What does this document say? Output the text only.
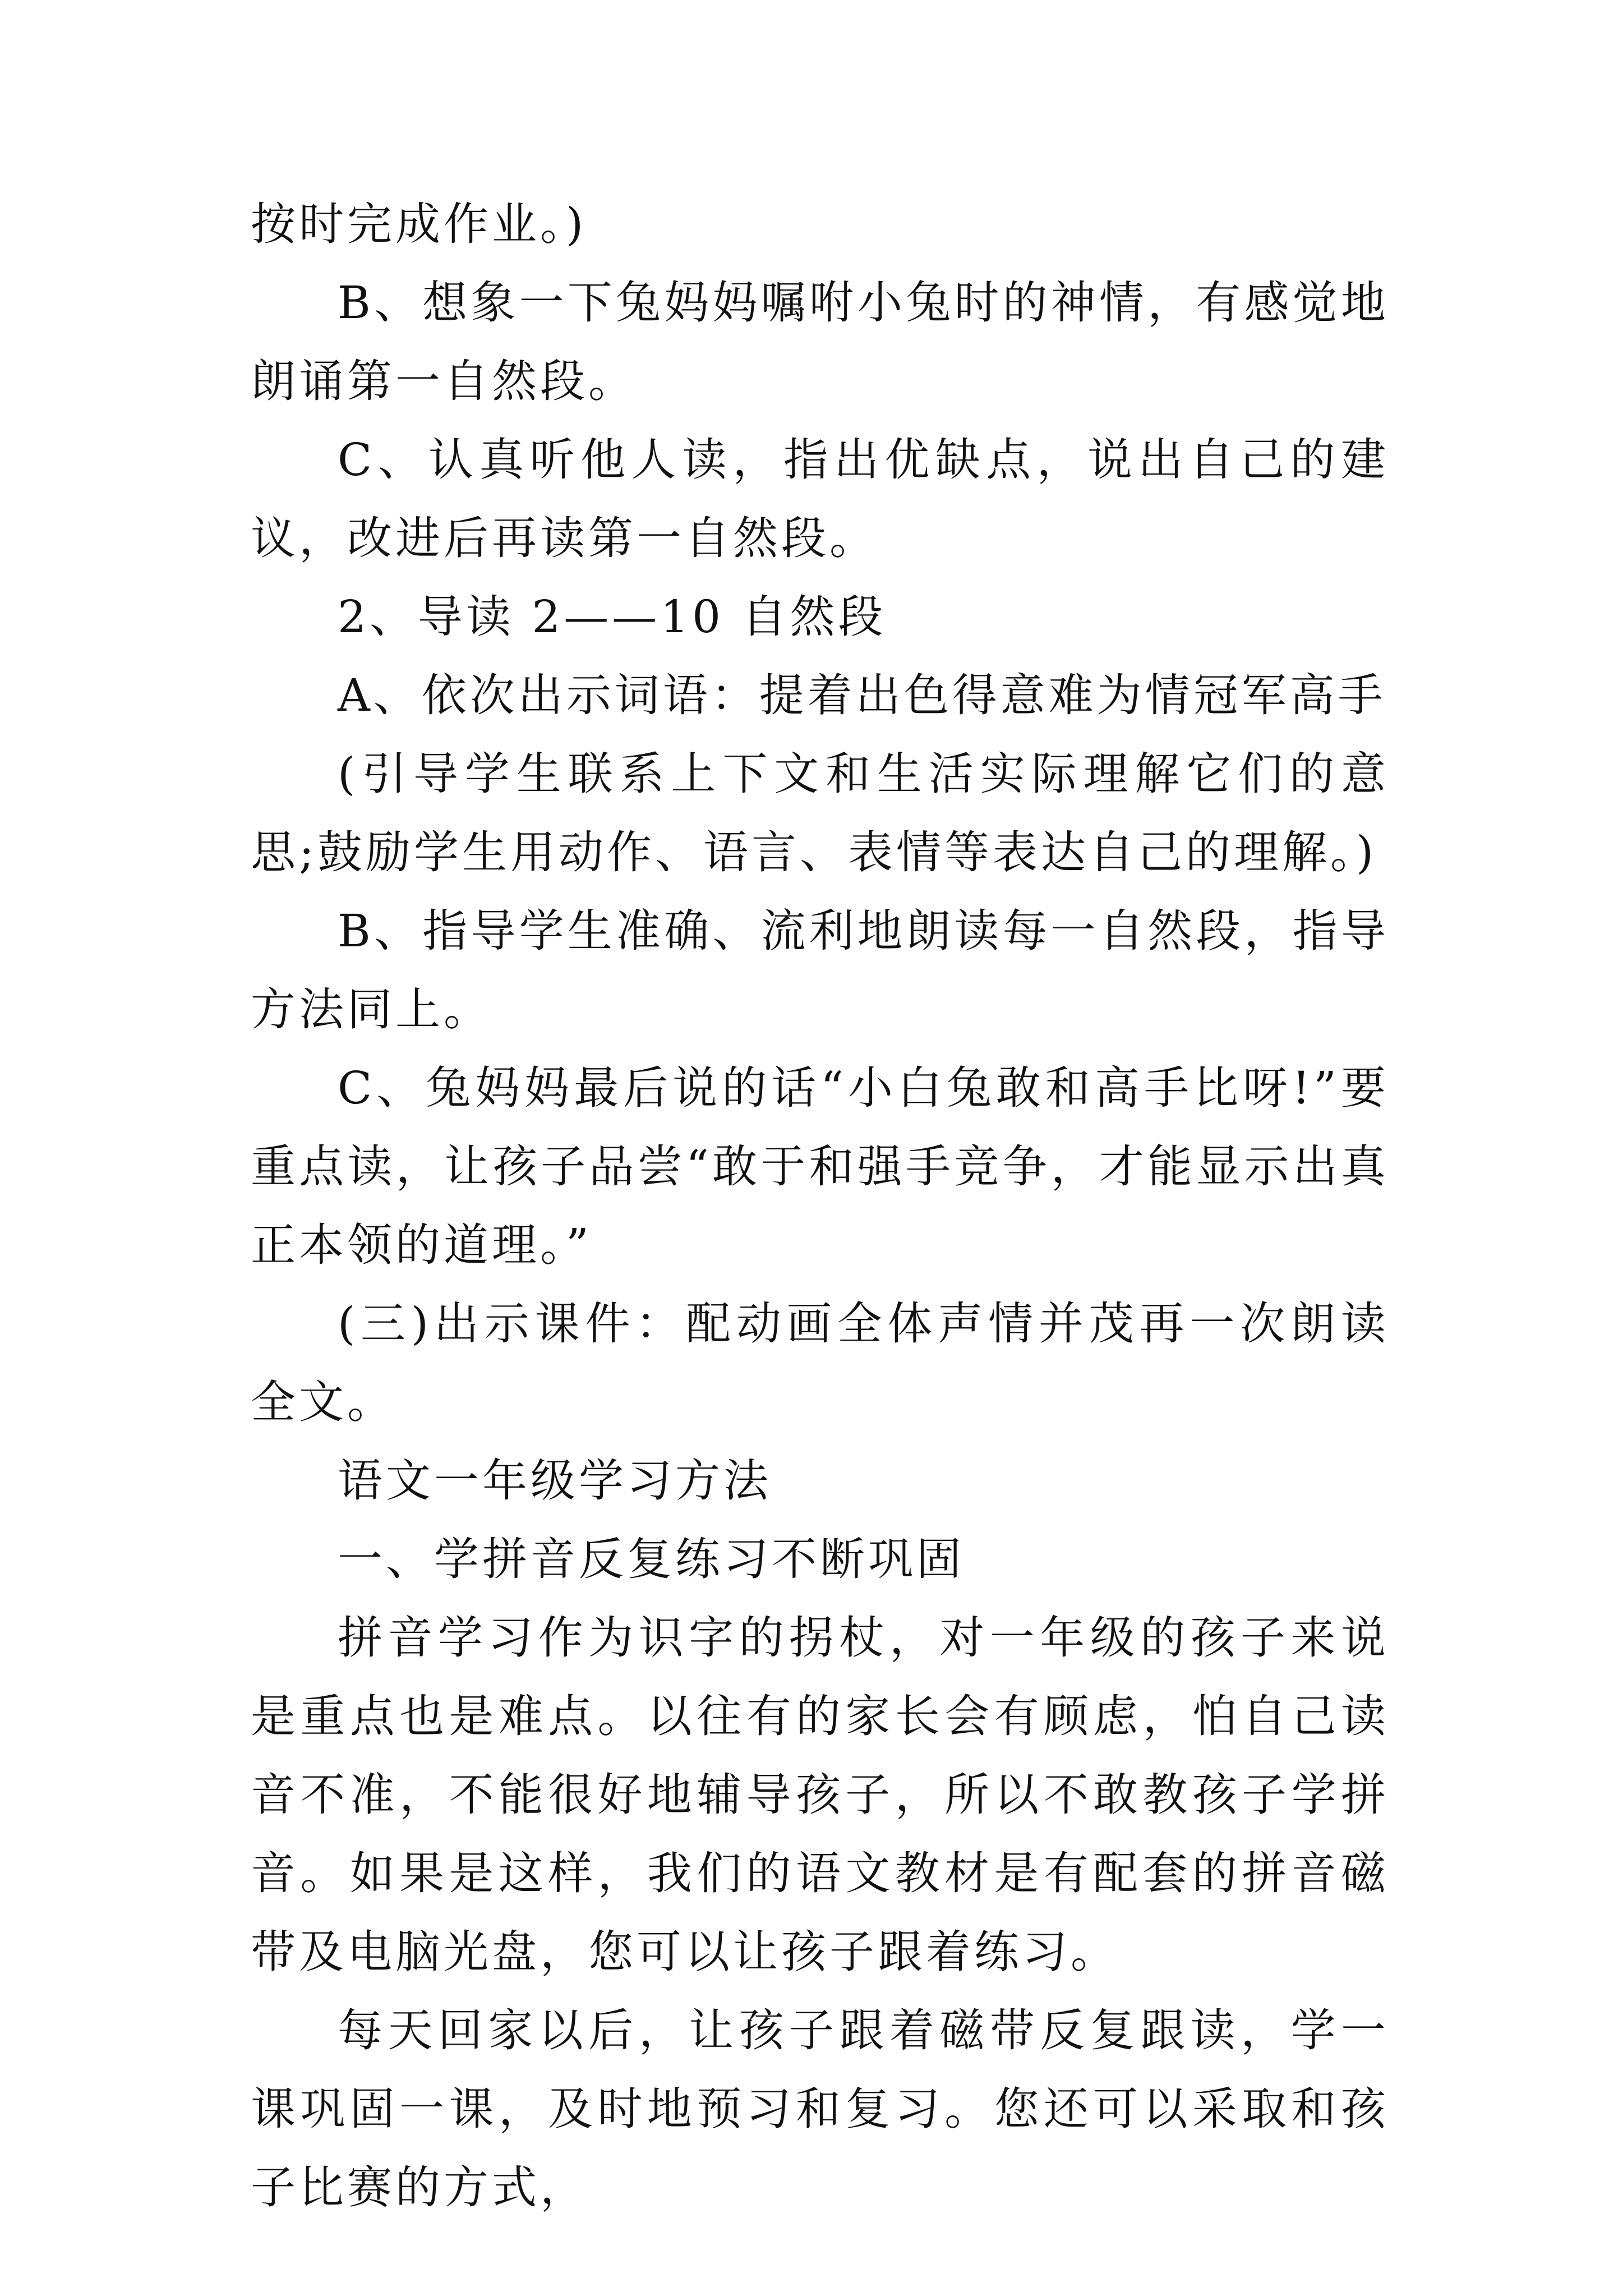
按时完成作业。)

B、想象一下兔妈妈嘱咐小兔时的神情，有感觉地朗诵第一自然段。

C、认真听他人读，指出优缺点，说出自己的建议，改进后再读第一自然段。

2、导读 2——10 自然段

A、依次出示词语：提着出色得意难为情冠军高手

(引导学生联系上下文和生活实际理解它们的意思;鼓励学生用动作、语言、表情等表达自己的理解。)

B、指导学生准确、流利地朗读每一自然段，指导方法同上。

C、兔妈妈最后说的话“小白兔敢和高手比呀!”要重点读，让孩子品尝“敢于和强手竞争，才能显示出真正本领的道理。”

(三)出示课件：配动画全体声情并茂再一次朗读全文。

语文一年级学习方法

一、学拼音反复练习不断巩固

拼音学习作为识字的拐杖，对一年级的孩子来说是重点也是难点。以往有的家长会有顾虑，怕自己读音不准，不能很好地辅导孩子，所以不敢教孩子学拼音。如果是这样，我们的语文教材是有配套的拼音磁带及电脑光盘，您可以让孩子跟着练习。

每天回家以后，让孩子跟着磁带反复跟读，学一课巩固一课，及时地预习和复习。您还可以采取和孩子比赛的方式，
